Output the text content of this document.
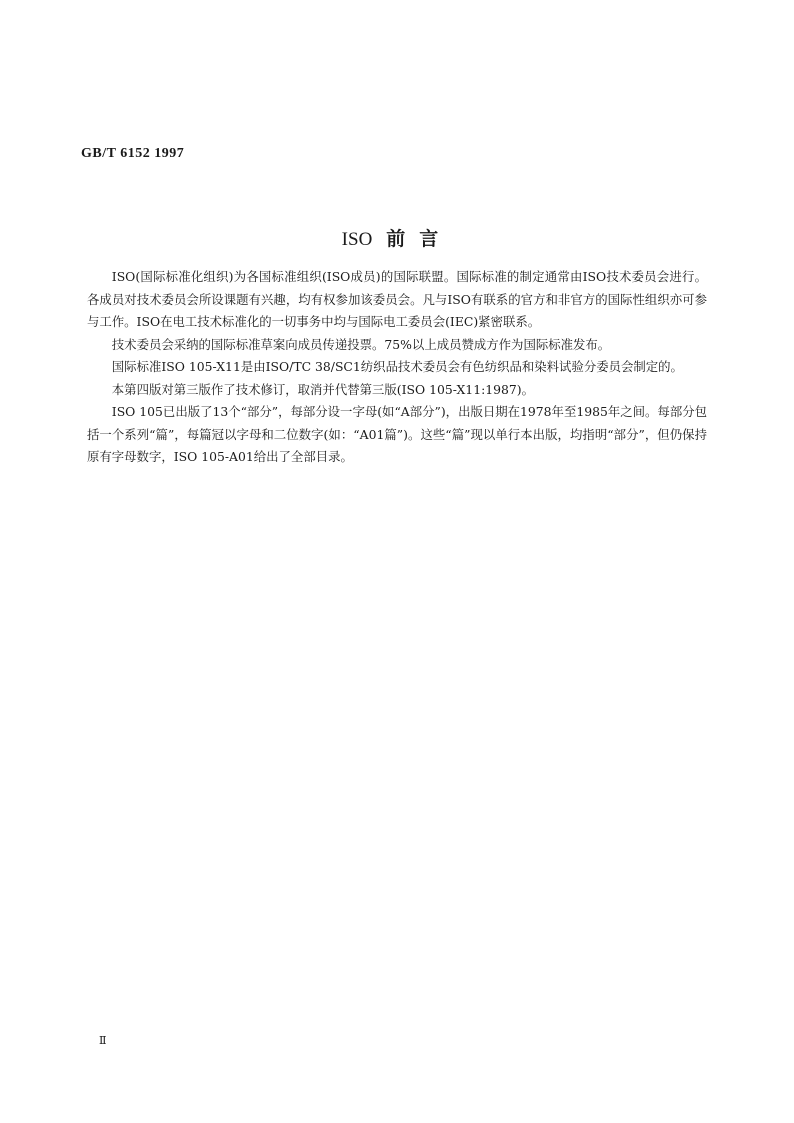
GB/T 6152 1997
ISO 前言

ISO(国际标准化组织)为各国标准组织(ISO成员)的国际联盟。国际标准的制定通常由ISO技术委员会进行。各成员对技术委员会所设课题有兴趣，均有权参加该委员会。凡与ISO有联系的官方和非官方的国际性组织亦可参与工作。ISO在电工技术标准化的一切事务中均与国际电工委员会(IEC)紧密联系。

技术委员会采纳的国际标准草案向成员传递投票。75%以上成员赞成方作为国际标准发布。

国际标准ISO 105-X11是由ISO/TC 38/SC1纺织品技术委员会有色纺织品和染料试验分委员会制定的。

本第四版对第三版作了技术修订，取消并代替第三版(ISO 105-X11:1987)。

ISO 105已出版了13个“部分”，每部分设一字母(如“A部分”)，出版日期在1978年至1985年之间。每部分包括一个系列“篇”，每篇冠以字母和二位数字(如：“A01篇”)。这些“篇”现以单行本出版，均指明“部分”，但仍保持原有字母数字，ISO 105-A01给出了全部目录。

Ⅱ
